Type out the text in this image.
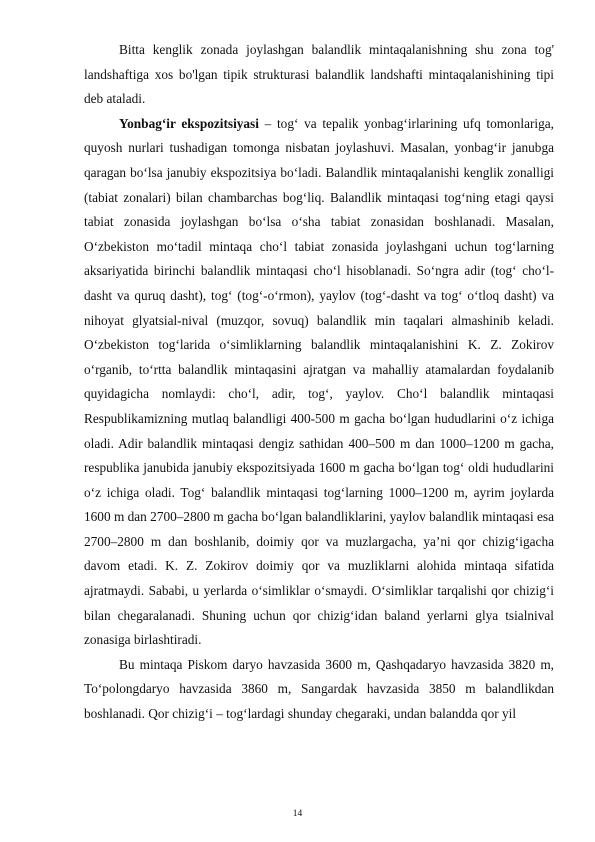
Bitta kenglik zonada joylashgan balandlik mintaqalanishning shu zona tog' landshaftiga xos bo'lgan tipik strukturasi balandlik landshafti mintaqalanishining tipi deb ataladi.

Yonbag‘ir ekspozitsiyasi – tog‘ va tepalik yonbag‘irlarining ufq tomonlariga, quyosh nurlari tushadigan tomonga nisbatan joylashuvi. Masalan, yonbag‘ir janubga qaragan bo‘lsa janubiy ekspozitsiya bo‘ladi. Balandlik mintaqalanishi kenglik zonalligi (tabiat zonalari) bilan chambarchas bog‘liq. Balandlik mintaqasi tog‘ning etagi qaysi tabiat zonasida joylashgan bo‘lsa o‘sha tabiat zonasidan boshlanadi. Masalan, O‘zbekiston mo‘tadil mintaqa cho‘l tabiat zonasida joylashgani uchun tog‘larning aksariyatida birinchi balandlik mintaqasi cho‘l hisoblanadi. So‘ngra adir (tog‘ cho‘l-dasht va quruq dasht), tog‘ (tog‘-o‘rmon), yaylov (tog‘-dasht va tog‘ o‘tloq dasht) va nihoyat glyatsial-nival (muzqor, sovuq) balandlik min taqalari almashinib keladi. O‘zbekiston tog‘larida o‘simliklarning balandlik mintaqalanishini K. Z. Zokirov o‘rganib, to‘rtta balandlik mintaqasini ajratgan va mahalliy atamalardan foydalanib quyidagicha nomlaydi: cho‘l, adir, tog‘, yaylov. Cho‘l balandlik mintaqasi Respublikamizning mutlaq balandligi 400-500 m gacha bo‘lgan hududlarini o‘z ichiga oladi. Adir balandlik mintaqasi dengiz sathidan 400–500 m dan 1000–1200 m gacha, respublika janubida janubiy ekspozitsiyada 1600 m gacha bo‘lgan tog‘ oldi hududlarini o‘z ichiga oladi. Tog‘ balandlik mintaqasi tog‘larning 1000–1200 m, ayrim joylarda 1600 m dan 2700–2800 m gacha bo‘lgan balandliklarini, yaylov balandlik mintaqasi esa 2700–2800 m dan boshlanib, doimiy qor va muzlargacha, ya’ni qor chizig‘igacha davom etadi. K. Z. Zokirov doimiy qor va muzliklarni alohida mintaqa sifatida ajratmaydi. Sababi, u yerlarda o‘simliklar o‘smaydi. O‘simliklar tarqalishi qor chizig‘i bilan chegaralanadi. Shuning uchun qor chizig‘idan baland yerlarni glya tsialnival zonasiga birlashtiradi.

Bu mintaqa Piskom daryo havzasida 3600 m, Qashqadaryo havzasida 3820 m, To‘polongdaryo havzasida 3860 m, Sangardak havzasida 3850 m balandlikdan boshlanadi. Qor chizig‘i – tog‘lardagi shunday chegaraki, undan balandda qor yil

14
